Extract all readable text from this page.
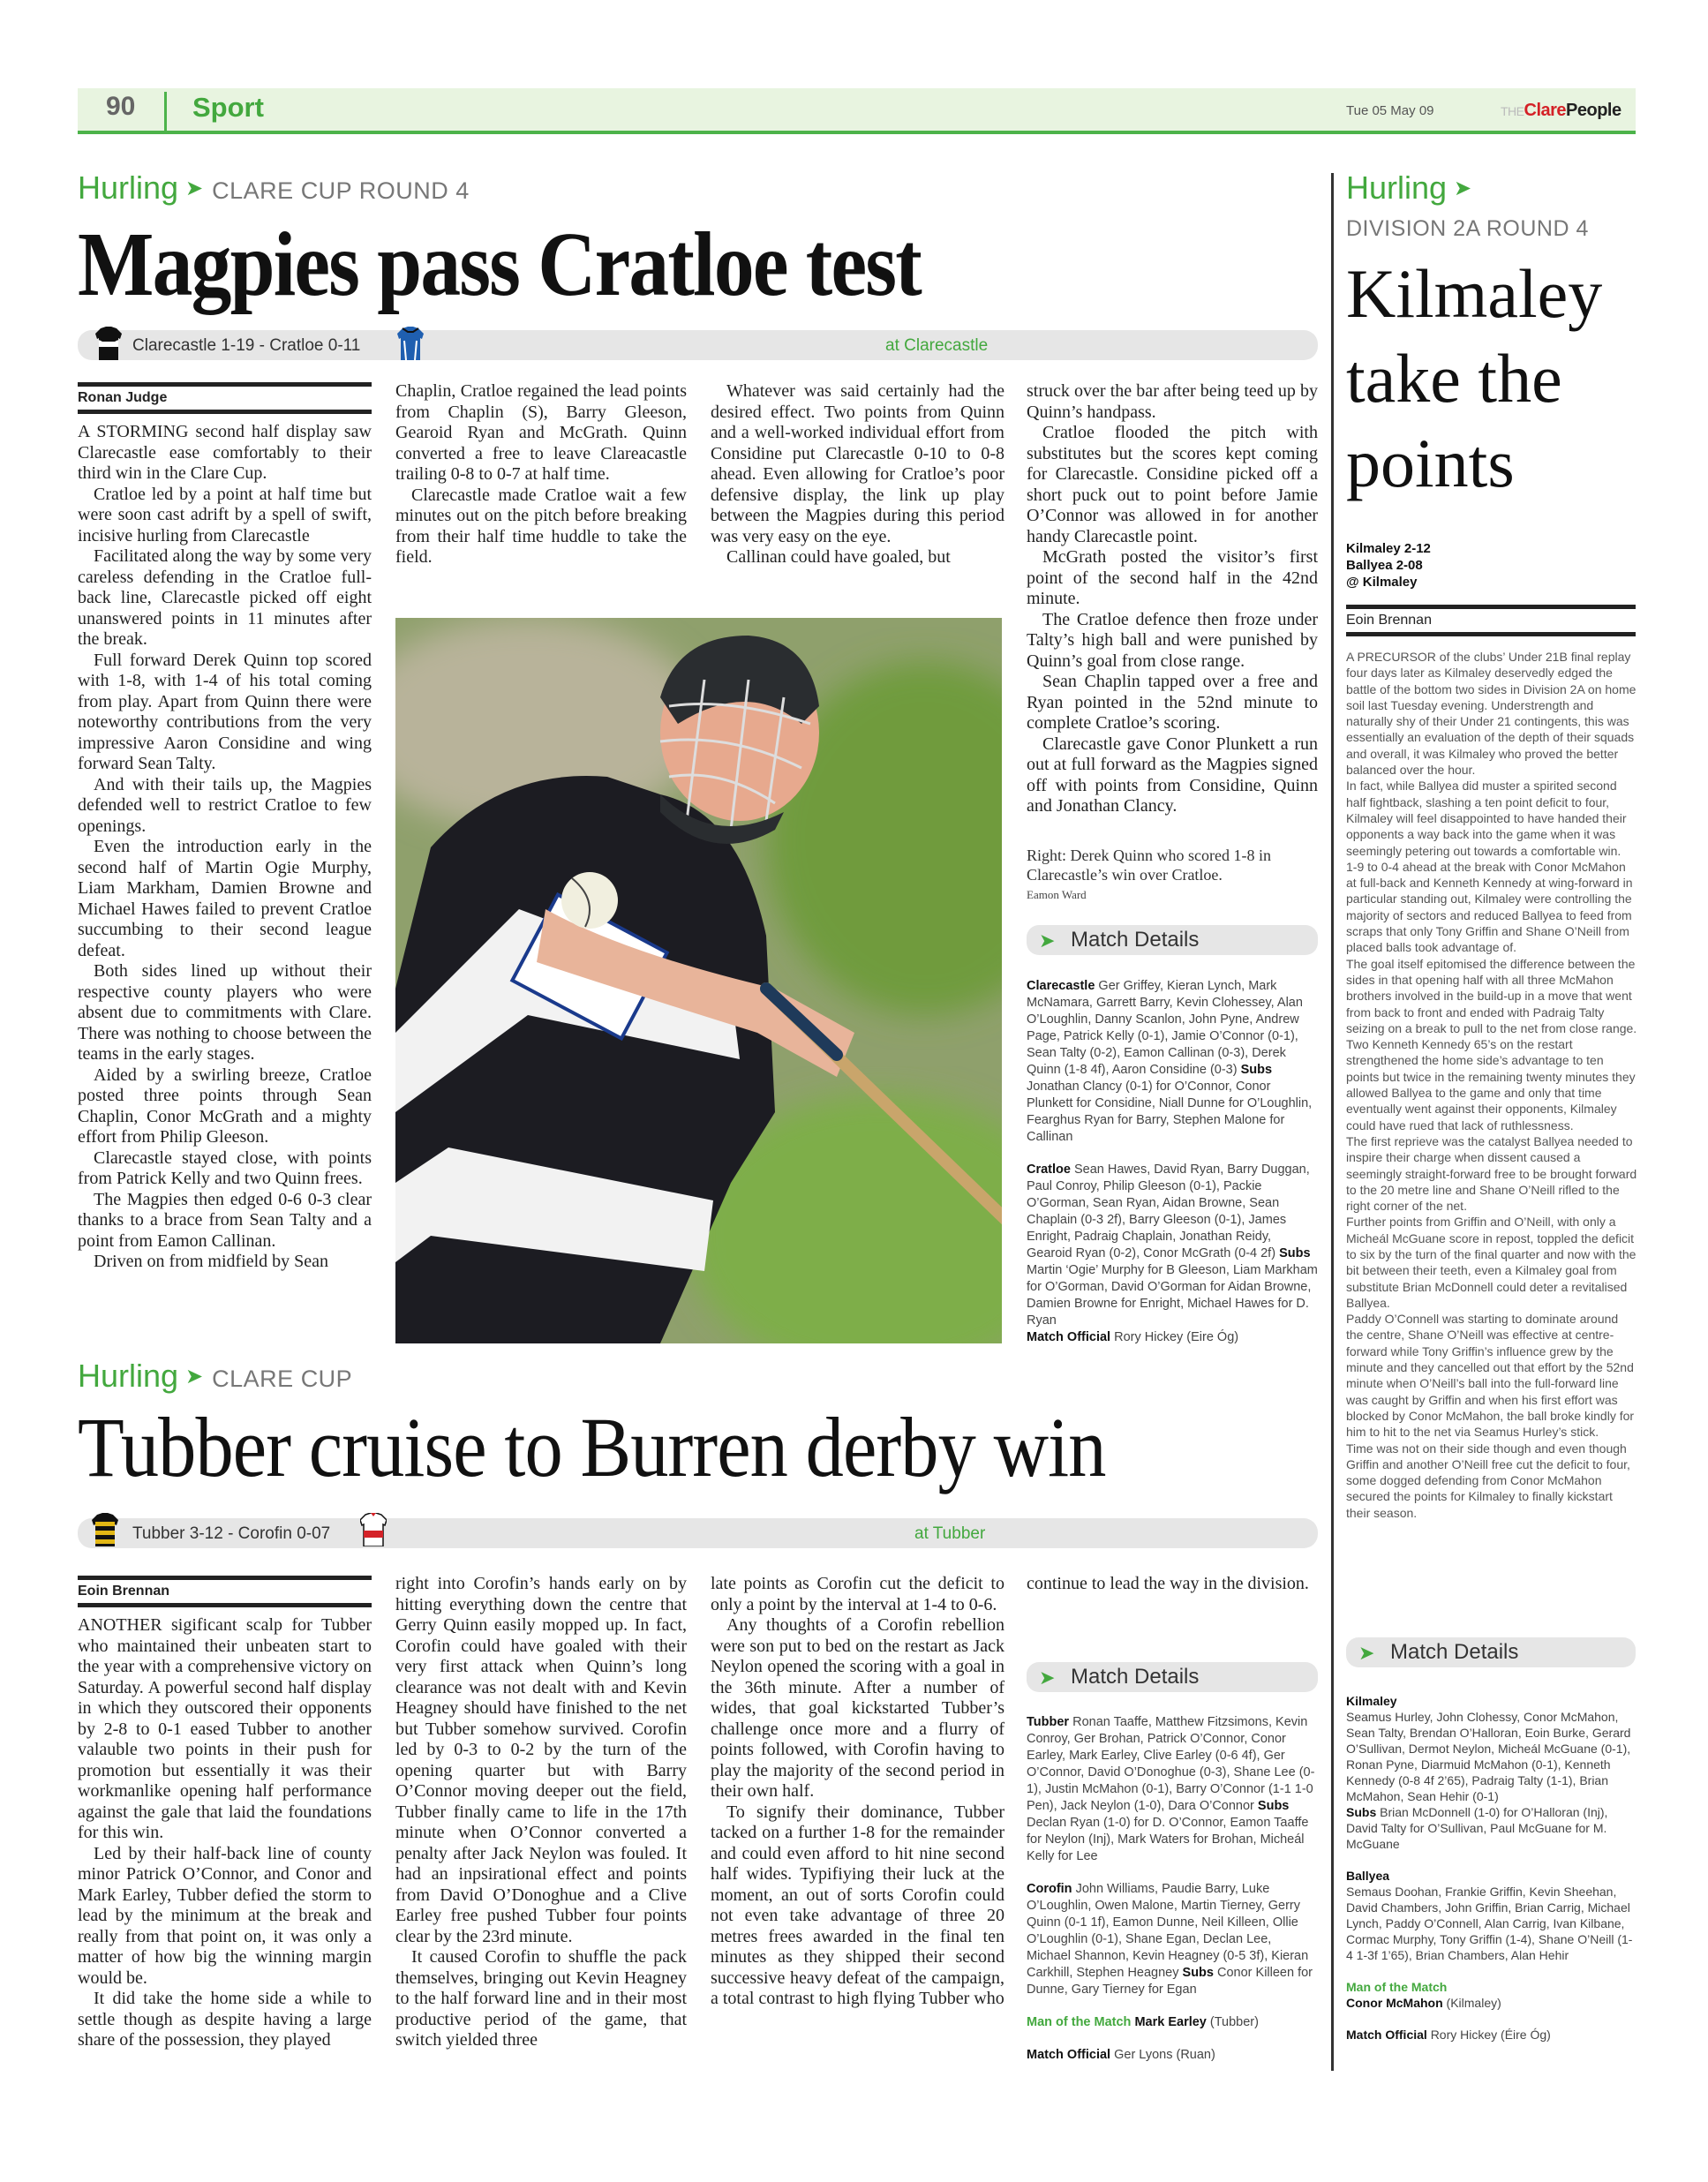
90 Sport	Tue 05 May 09	THEClarePeople
Hurling ➤ CLARE CUP ROUND 4
Magpies pass Cratloe test
Clarecastle 1-19 - Cratloe 0-11	at Clarecastle
Ronan Judge

A STORMING second half display saw Clarecastle ease comfortably to their third win in the Clare Cup.

Cratloe led by a point at half time but were soon cast adrift by a spell of swift, incisive hurling from Clarecastle

Facilitated along the way by some very careless defending in the Cratloe full-back line, Clarecastle picked off eight unanswered points in 11 minutes after the break.

Full forward Derek Quinn top scored with 1-8, with 1-4 of his total coming from play. Apart from Quinn there were noteworthy contributions from the very impressive Aaron Considine and wing forward Sean Talty.

And with their tails up, the Magpies defended well to restrict Cratloe to few openings.

Even the introduction early in the second half of Martin Ogie Murphy, Liam Markham, Damien Browne and Michael Hawes failed to prevent Cratloe succumbing to their second league defeat.

Both sides lined up without their respective county players who were absent due to commitments with Clare. There was nothing to choose between the teams in the early stages.

Aided by a swirling breeze, Cratloe posted three points through Sean Chaplin, Conor McGrath and a mighty effort from Philip Gleeson.

Clarecastle stayed close, with points from Patrick Kelly and two Quinn frees.

The Magpies then edged 0-6 0-3 clear thanks to a brace from Sean Talty and a point from Eamon Callinan.

Driven on from midfield by Sean

Chaplin, Cratloe regained the lead points from Chaplin (S), Barry Gleeson, Gearoid Ryan and McGrath. Quinn converted a free to leave Clareacastle trailing 0-8 to 0-7 at half time.

Clarecastle made Cratloe wait a few minutes out on the pitch before breaking from their half time huddle to take the field.

Whatever was said certainly had the desired effect. Two points from Quinn and a well-worked individual effort from Considine put Clarecastle 0-10 to 0-8 ahead. Even allowing for Cratloe’s poor defensive display, the link up play between the Magpies during this period was very easy on the eye.

Callinan could have goaled, but

struck over the bar after being teed up by Quinn’s handpass.

Cratloe flooded the pitch with substitutes but the scores kept coming for Clarecastle. Considine picked off a short puck out to point before Jamie O’Connor was allowed in for another handy Clarecastle point.

McGrath posted the visitor’s first point of the second half in the 42nd minute.

The Cratloe defence then froze under Talty’s high ball and were punished by Quinn’s goal from close range.

Sean Chaplin tapped over a free and Ryan pointed in the 52nd minute to complete Cratloe’s scoring.

Clarecastle gave Conor Plunkett a run out at full forward as the Magpies signed off with points from Considine, Quinn and Jonathan Clancy.

Right: Derek Quinn who scored 1-8 in Clarecastle’s win over Cratloe.
Eamon Ward
➤ Match Details

Clarecastle Ger Griffey, Kieran Lynch, Mark McNamara, Garrett Barry, Kevin Clohessey, Alan O’Loughlin, Danny Scanlon, John Pyne, Andrew Page, Patrick Kelly (0-1), Jamie O’Connor (0-1), Sean Talty (0-2), Eamon Callinan (0-3), Derek Quinn (1-8 4f), Aaron Considine (0-3) Subs Jonathan Clancy (0-1) for O’Connor, Conor Plunkett for Considine, Niall Dunne for O’Loughlin, Fearghus Ryan for Barry, Stephen Malone for Callinan

Cratloe Sean Hawes, David Ryan, Barry Duggan, Paul Conroy, Philip Gleeson (0-1), Packie O’Gorman, Sean Ryan, Aidan Browne, Sean Chaplain (0-3 2f), Barry Gleeson (0-1), James Enright, Padraig Chaplain, Jonathan Reidy, Gearoid Ryan (0-2), Conor McGrath (0-4 2f) Subs Martin ‘Ogie’ Murphy for B Gleeson, Liam Markham for O’Gorman, David O’Gorman for Aidan Browne, Damien Browne for Enright, Michael Hawes for D. Ryan

Match Official Rory Hickey (Eire Óg)

Hurling ➤ CLARE CUP
Tubber cruise to Burren derby win
Tubber 3-12 - Corofin 0-07	at Tubber
Eoin Brennan

ANOTHER sigificant scalp for Tubber who maintained their unbeaten start to the year with a comprehensive victory on Saturday. A powerful second half display in which they outscored their opponents by 2-8 to 0-1 eased Tubber to another valauble two points in their push for promotion but essentially it was their workmanlike opening half performance against the gale that laid the foundations for this win.

Led by their half-back line of county minor Patrick O’Connor, and Conor and Mark Earley, Tubber defied the storm to lead by the minimum at the break and really from that point on, it was only a matter of how big the winning margin would be.

It did take the home side a while to settle though as despite having a large share of the possession, they played

right into Corofin’s hands early on by hitting everything down the centre that Gerry Quinn easily mopped up. In fact, Corofin could have goaled with their very first attack when Quinn’s long clearance was not dealt with and Kevin Heagney should have finished to the net but Tubber somehow survived. Corofin led by 0-3 to 0-2 by the turn of the opening quarter but with Barry O’Connor moving deeper out the field, Tubber finally came to life in the 17th minute when O’Connor converted a penalty after Jack Neylon was fouled. It had an inpsirational effect and points from David O’Donoghue and a Clive Earley free pushed Tubber four points clear by the 23rd minute.

It caused Corofin to shuffle the pack themselves, bringing out Kevin Heagney to the half forward line and in their most productive period of the game, that switch yielded three

late points as Corofin cut the deficit to only a point by the interval at 1-4 to 0-6.

Any thoughts of a Corofin rebellion were son put to bed on the restart as Jack Neylon opened the scoring with a goal in the 36th minute. After a number of wides, that goal kickstarted Tubber’s challenge once more and a flurry of points followed, with Corofin having to play the majority of the second period in their own half.

To signify their dominance, Tubber tacked on a further 1-8 for the remainder and could even afford to hit nine second half wides. Typifiying their luck at the moment, an out of sorts Corofin could not even take advantage of three 20 metres frees awarded in the final ten minutes as they shipped their second successive heavy defeat of the campaign, a total contrast to high flying Tubber who

continue to lead the way in the division.

➤ Match Details

Tubber Ronan Taaffe, Matthew Fitzsimons, Kevin Conroy, Ger Brohan, Patrick O’Connor, Conor Earley, Mark Earley, Clive Earley (0-6 4f), Ger O’Connor, David O’Donoghue (0-3), Shane Lee (0-1), Justin McMahon (0-1), Barry O’Connor (1-1 1-0 Pen), Jack Neylon (1-0), Dara O’Connor Subs Declan Ryan (1-0) for D. O’Connor, Eamon Taaffe for Neylon (Inj), Mark Waters for Brohan, Micheál Kelly for Lee

Corofin John Williams, Paudie Barry, Luke O’Loughlin, Owen Malone, Martin Tierney, Gerry Quinn (0-1 1f), Eamon Dunne, Neil Killeen, Ollie O’Loughlin (0-1), Shane Egan, Declan Lee, Michael Shannon, Kevin Heagney (0-5 3f), Kieran Carkhill, Stephen Heagney Subs Conor Killeen for Dunne, Gary Tierney for Egan

Man of the Match Mark Earley (Tubber)

Match Official Ger Lyons (Ruan)

Hurling ➤
DIVISION 2A ROUND 4
Kilmaley
take the
points
Kilmaley 2-12
Ballyea 2-08
@ Kilmaley
Eoin Brennan

A PRECURSOR of the clubs’ Under 21B final replay four days later as Kilmaley deservedly edged the battle of the bottom two sides in Division 2A on home soil last Tuesday evening. Understrength and naturally shy of their Under 21 contingents, this was essentially an evaluation of the depth of their squads and overall, it was Kilmaley who proved the better balanced over the hour.

In fact, while Ballyea did muster a spirited second half fightback, slashing a ten point deficit to four, Kilmaley will feel disappointed to have handed their opponents a way back into the game when it was seemingly petering out towards a comfortable win.

1-9 to 0-4 ahead at the break with Conor McMahon at full-back and Kenneth Kennedy at wing-forward in particular standing out, Kilmaley were controlling the majority of sectors and reduced Ballyea to feed from scraps that only Tony Griffin and Shane O’Neill from placed balls took advantage of.

The goal itself epitomised the difference between the sides in that opening half with all three McMahon brothers involved in the build-up in a move that went from back to front and ended with Padraig Talty seizing on a break to pull to the net from close range.

Two Kenneth Kennedy 65’s on the restart strengthened the home side’s advantage to ten points but twice in the remaining twenty minutes they allowed Ballyea to the game and only that time eventually went against their opponents, Kilmaley could have rued that lack of ruthlessness.

The first reprieve was the catalyst Ballyea needed to inspire their charge when dissent caused a seemingly straight-forward free to be brought forward to the 20 metre line and Shane O’Neill rifled to the right corner of the net.

Further points from Griffin and O’Neill, with only a Micheál McGuane score in repost, toppled the deficit to six by the turn of the final quarter and now with the bit between their teeth, even a Kilmaley goal from substitute Brian McDonnell could deter a revitalised Ballyea.

Paddy O’Connell was starting to dominate around the centre, Shane O’Neill was effective at centre-forward while Tony Griffin’s influence grew by the minute and they cancelled out that effort by the 52nd minute when O’Neill’s ball into the full-forward line was caught by Griffin and when his first effort was blocked by Conor McMahon, the ball broke kindly for him to hit to the net via Seamus Hurley’s stick.

Time was not on their side though and even though Griffin and another O’Neill free cut the deficit to four, some dogged defending from Conor McMahon secured the points for Kilmaley to finally kickstart their season.

➤ Match Details

Kilmaley
Seamus Hurley, John Clohessy, Conor McMahon, Sean Talty, Brendan O’Halloran, Eoin Burke, Gerard O’Sullivan, Dermot Neylon, Micheál McGuane (0-1), Ronan Pyne, Diarmuid McMahon (0-1), Kenneth Kennedy (0-8 4f 2’65), Padraig Talty (1-1), Brian McMahon, Sean Hehir (0-1)
Subs Brian McDonnell (1-0) for O’Halloran (Inj), David Talty for O’Sullivan, Paul McGuane for M. McGuane

Ballyea
Semaus Doohan, Frankie Griffin, Kevin Sheehan, David Chambers, John Griffin, Brian Carrig, Michael Lynch, Paddy O’Connell, Alan Carrig, Ivan Kilbane, Cormac Murphy, Tony Griffin (1-4), Shane O’Neill (1-4 1-3f 1’65), Brian Chambers, Alan Hehir

Man of the Match
Conor McMahon (Kilmaley)

Match Official Rory Hickey (Éire Óg)
